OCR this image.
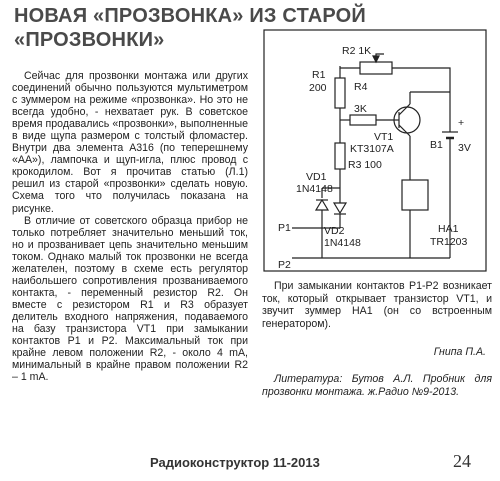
НОВАЯ «ПРОЗВОНКА» ИЗ СТАРОЙ
«ПРОЗВОНКИ»

Сейчас для прозвонки монтажа или других соединений обычно пользуются мультиметром с зуммером на режиме «прозвонка». Но это не всегда удобно, - нехватает рук. В советское время продавались «прозвонки», выполненные в виде щупа размером с толстый фломастер. Внутри два элемента А316 (по теперешнему «АА»), лампочка и щуп-игла, плюс провод с крокодилом. Вот я прочитав статью (Л.1) решил из старой «прозвонки» сделать новую. Схема того что получилась показана на рисунке.

В отличие от советского образца прибор не только потребляет значительно меньший ток, но и прозванивает цепь значительно меньшим током. Однако малый ток прозвонки не всегда желателен, поэтому в схеме есть регулятор наибольшего сопротивления прозваниваемого контакта, - переменный резистор R2. Он вместе с резистором R1 и R3 образует делитель входного напряжения, подаваемого на базу транзистора VT1 при замыкании контактов P1 и P2. Максимальный ток при крайне левом положении R2, - около 4 mA, минимальный в крайне правом положении R2 – 1 mA.

R2 1K
R1
200	R4
3K
VT1
KT3107A
R3 100
B1 3V
+
VD1
1N4148
VD2
1N4148
P1
P2
HA1
TR1203

При замыкании контактов Р1-Р2 возникает ток, который открывает транзистор VT1, и звучит зуммер НА1 (он со встроенным генератором).

Гнипа П.А.

Литература: Бутов А.Л. Пробник для прозвонки монтажа. ж.Радио №9-2013.

Радиоконструктор 11-2013	24
